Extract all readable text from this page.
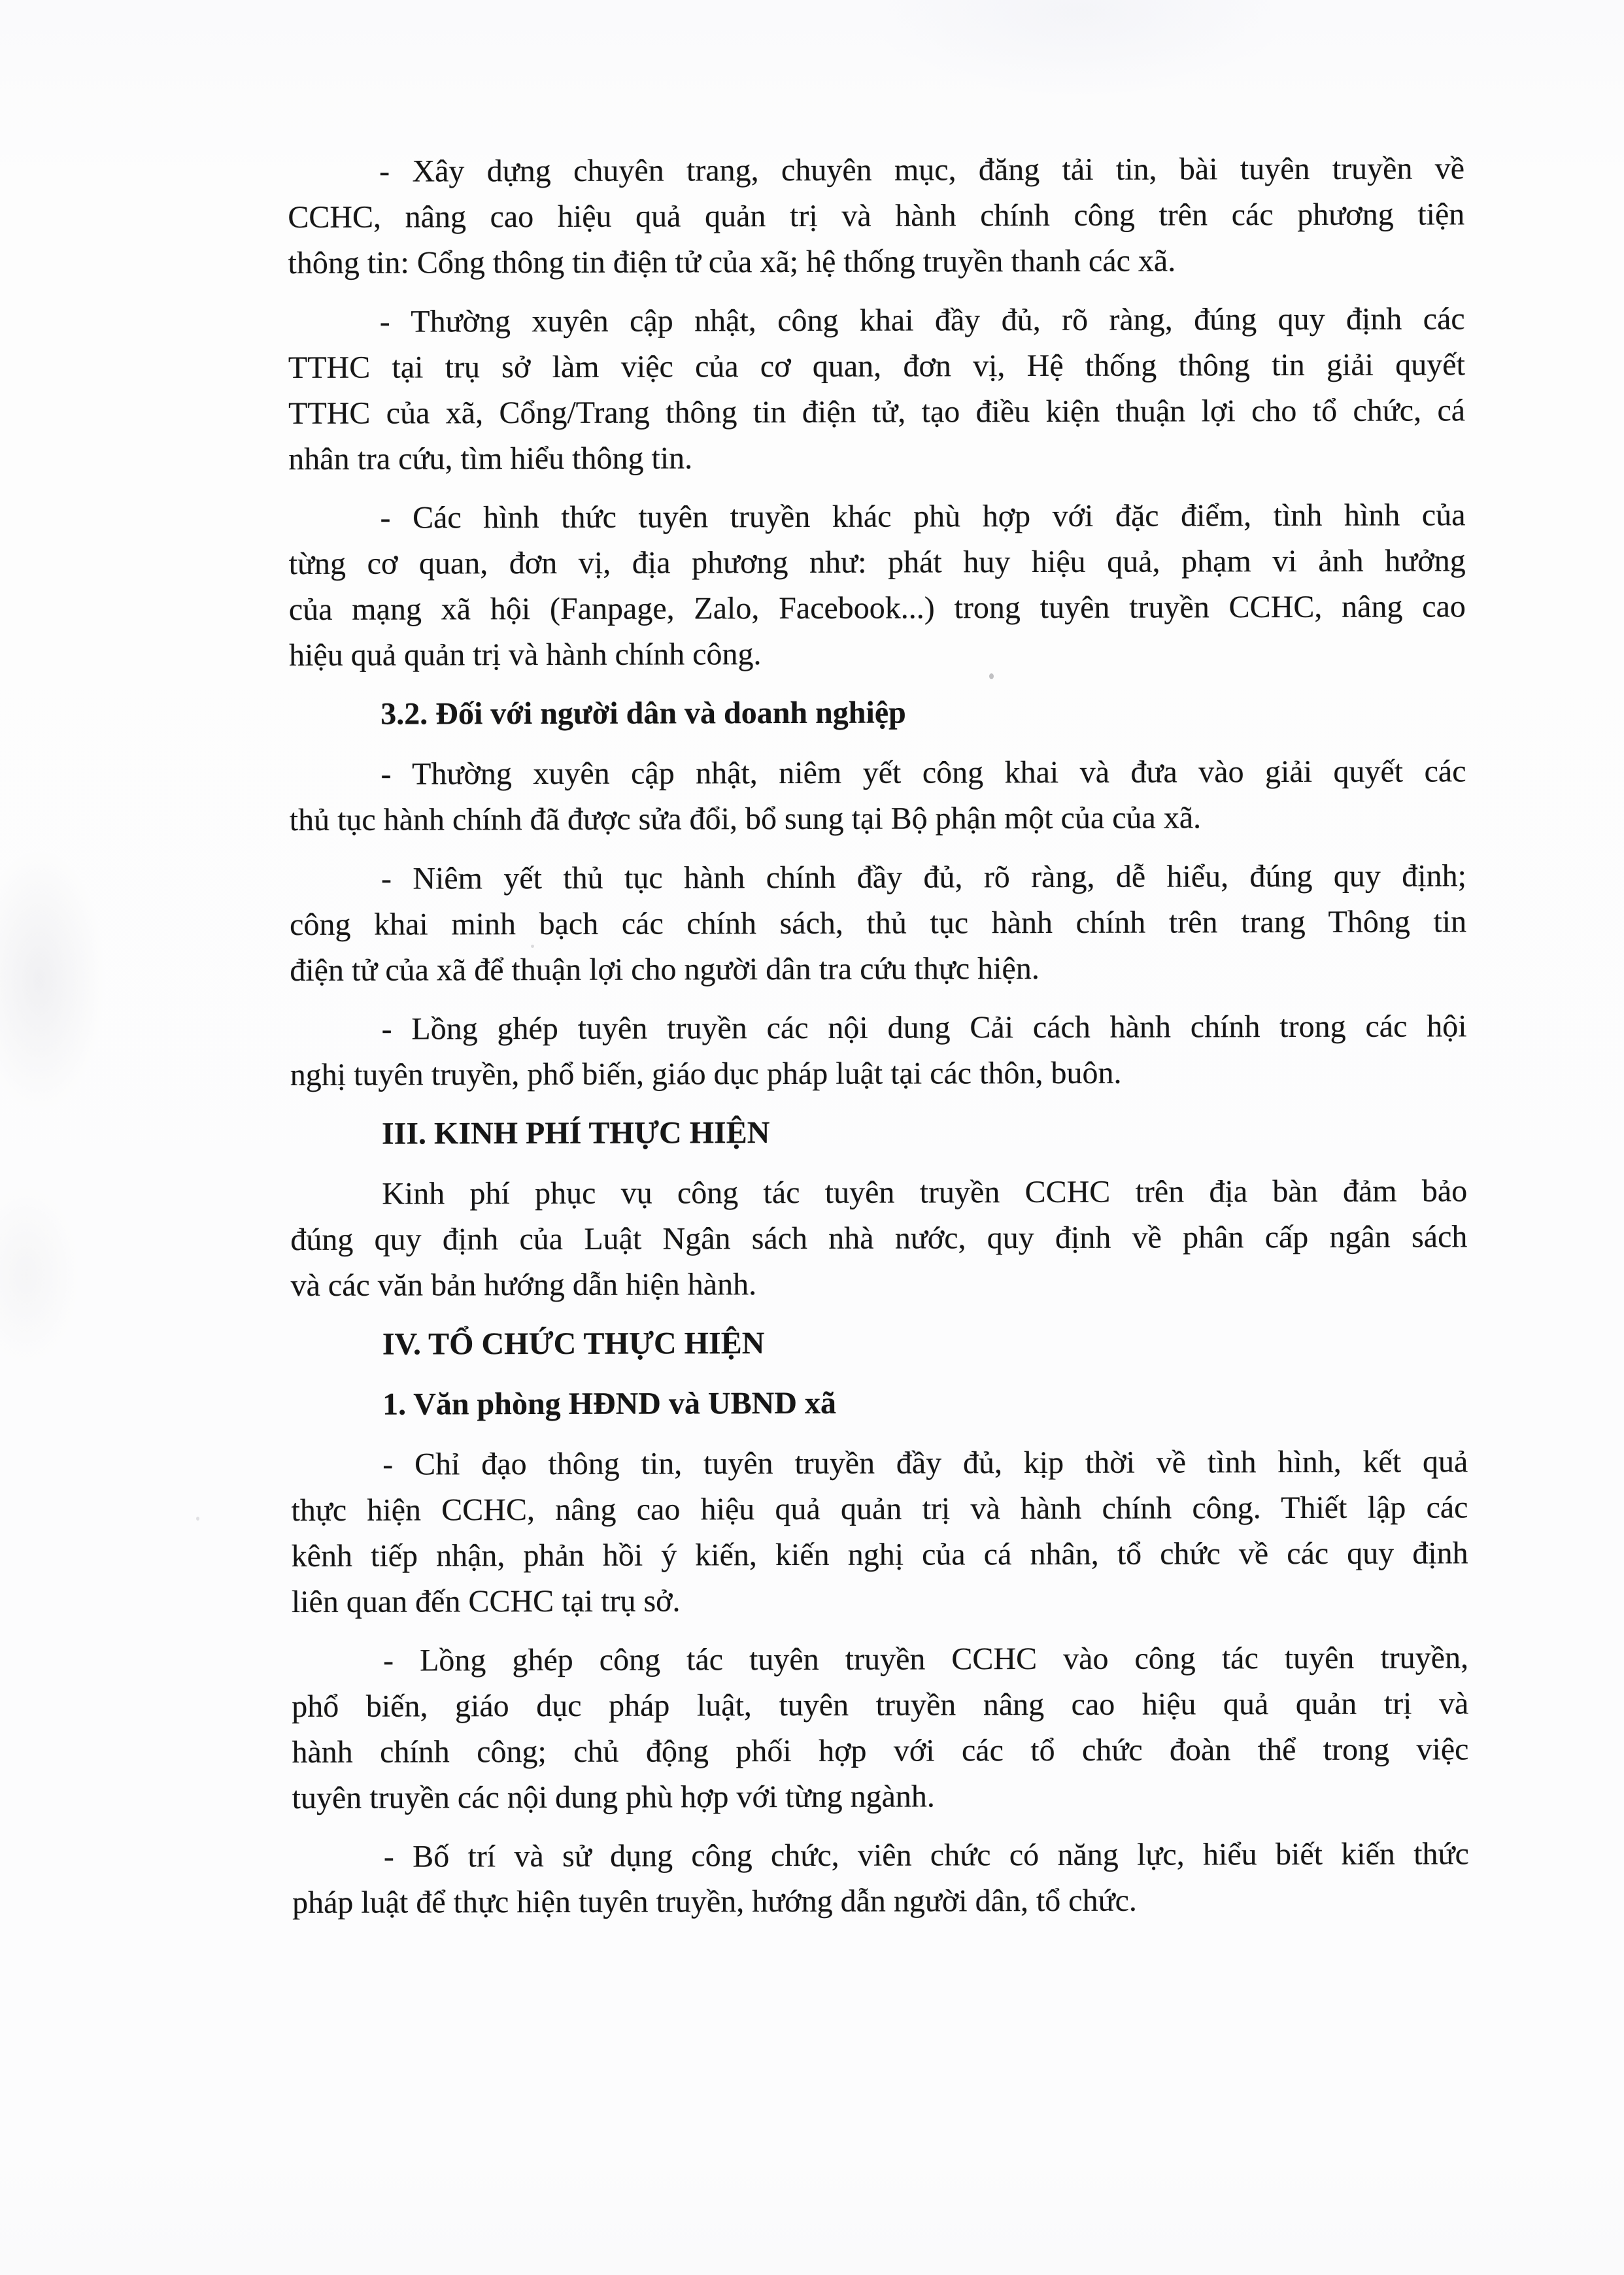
- Xây dựng chuyên trang, chuyên mục, đăng tải tin, bài tuyên truyền về
CCHC, nâng cao hiệu quả quản trị và hành chính công trên các phương tiện
thông tin: Cổng thông tin điện tử của xã; hệ thống truyền thanh các xã.
- Thường xuyên cập nhật, công khai đầy đủ, rõ ràng, đúng quy định các
TTHC tại trụ sở làm việc của cơ quan, đơn vị, Hệ thống thông tin giải quyết
TTHC của xã, Cổng/Trang thông tin điện tử, tạo điều kiện thuận lợi cho tổ chức, cá
nhân tra cứu, tìm hiểu thông tin.
- Các hình thức tuyên truyền khác phù hợp với đặc điểm, tình hình của
từng cơ quan, đơn vị, địa phương như: phát huy hiệu quả, phạm vi ảnh hưởng
của mạng xã hội (Fanpage, Zalo, Facebook...) trong tuyên truyền CCHC, nâng cao
hiệu quả quản trị và hành chính công.
3.2. Đối với người dân và doanh nghiệp
- Thường xuyên cập nhật, niêm yết công khai và đưa vào giải quyết các
thủ tục hành chính đã được sửa đổi, bổ sung tại Bộ phận một của của xã.
- Niêm yết thủ tục hành chính đầy đủ, rõ ràng, dễ hiểu, đúng quy định;
công khai minh bạch các chính sách, thủ tục hành chính trên trang Thông tin
điện tử của xã để thuận lợi cho người dân tra cứu thực hiện.
- Lồng ghép tuyên truyền các nội dung Cải cách hành chính trong các hội
nghị tuyên truyền, phổ biến, giáo dục pháp luật tại các thôn, buôn.
III. KINH PHÍ THỰC HIỆN
Kinh phí phục vụ công tác tuyên truyền CCHC trên địa bàn đảm bảo
đúng quy định của Luật Ngân sách nhà nước, quy định về phân cấp ngân sách
và các văn bản hướng dẫn hiện hành.
IV. TỔ CHỨC THỰC HIỆN
1. Văn phòng HĐND và UBND xã
- Chỉ đạo thông tin, tuyên truyền đầy đủ, kịp thời về tình hình, kết quả
thực hiện CCHC, nâng cao hiệu quả quản trị và hành chính công. Thiết lập các
kênh tiếp nhận, phản hồi ý kiến, kiến nghị của cá nhân, tổ chức về các quy định
liên quan đến CCHC tại trụ sở.
- Lồng ghép công tác tuyên truyền CCHC vào công tác tuyên truyền,
phổ biến, giáo dục pháp luật, tuyên truyền nâng cao hiệu quả quản trị và
hành chính công; chủ động phối hợp với các tổ chức đoàn thể trong việc
tuyên truyền các nội dung phù hợp với từng ngành.
- Bố trí và sử dụng công chức, viên chức có năng lực, hiểu biết kiến thức
pháp luật để thực hiện tuyên truyền, hướng dẫn người dân, tổ chức.
